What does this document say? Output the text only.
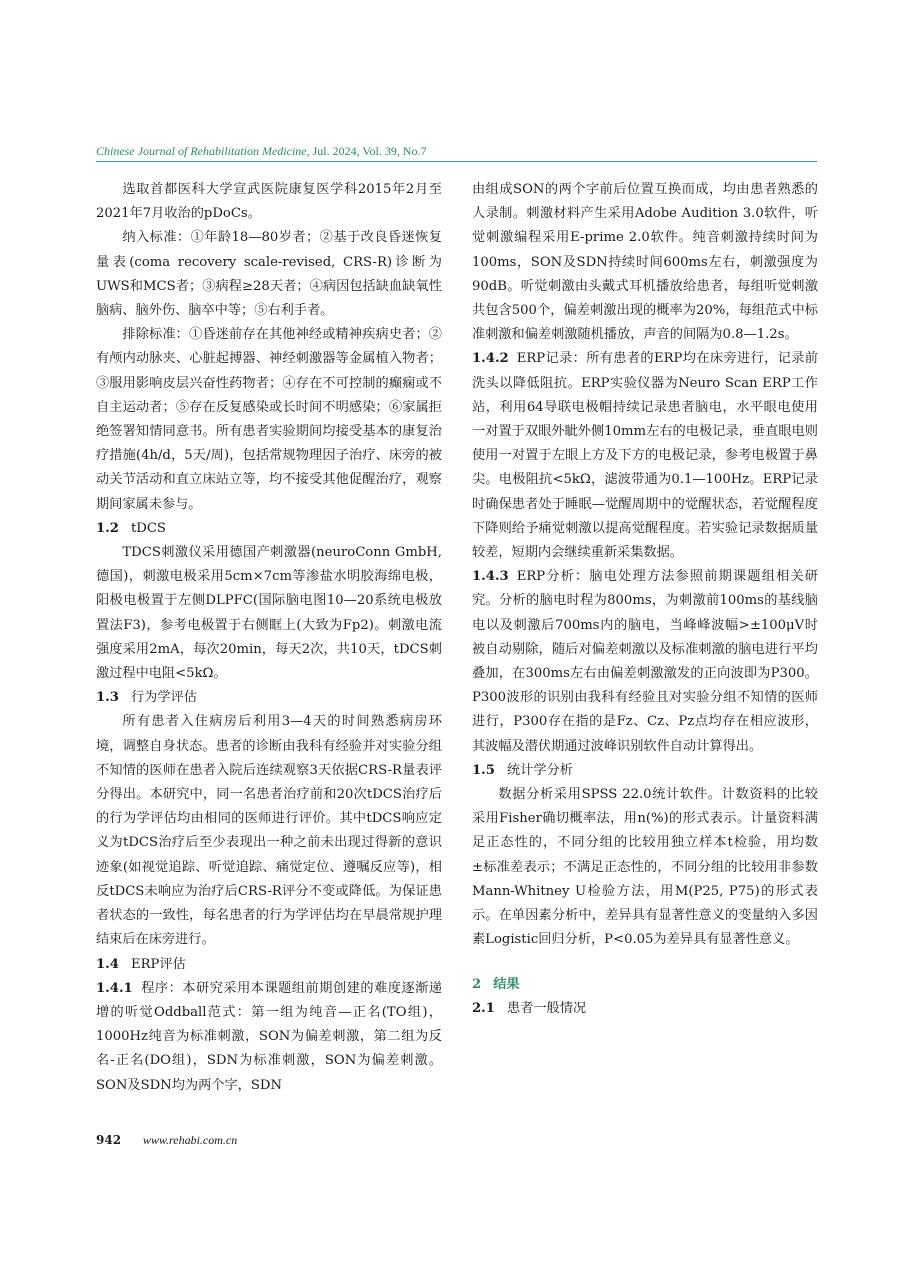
Chinese Journal of Rehabilitation Medicine, Jul. 2024, Vol. 39, No.7

选取首都医科大学宣武医院康复医学科2015年2月至2021年7月收治的pDoCs。

纳入标准：①年龄18—80岁者；②基于改良昏迷恢复量表(coma recovery scale-revised, CRS-R)诊断为UWS和MCS者；③病程≥28天者；④病因包括缺血缺氧性脑病、脑外伤、脑卒中等；⑤右利手者。

排除标准：①昏迷前存在其他神经或精神疾病史者；②有颅内动脉夹、心脏起搏器、神经刺激器等金属植入物者；③服用影响皮层兴奋性药物者；④存在不可控制的癫痫或不自主运动者；⑤存在反复感染或长时间不明感染；⑥家属拒绝签署知情同意书。所有患者实验期间均接受基本的康复治疗措施(4h/d，5天/周)，包括常规物理因子治疗、床旁的被动关节活动和直立床站立等，均不接受其他促醒治疗，观察期间家属未参与。

1.2 tDCS

TDCS刺激仪采用德国产刺激器(neuroConn GmbH, 德国)，刺激电极采用5cm×7cm等渗盐水明胶海绵电极，阳极电极置于左侧DLPFC(国际脑电图10—20系统电极放置法F3)，参考电极置于右侧眶上(大致为Fp2)。刺激电流强度采用2mA，每次20min，每天2次，共10天，tDCS刺激过程中电阻<5kΩ。

1.3 行为学评估

所有患者入住病房后利用3—4天的时间熟悉病房环境，调整自身状态。患者的诊断由我科有经验并对实验分组不知情的医师在患者入院后连续观察3天依据CRS-R量表评分得出。本研究中，同一名患者治疗前和20次tDCS治疗后的行为学评估均由相同的医师进行评价。其中tDCS响应定义为tDCS治疗后至少表现出一种之前未出现过得新的意识迹象(如视觉追踪、听觉追踪、痛觉定位、遵嘱反应等)，相反tDCS未响应为治疗后CRS-R评分不变或降低。为保证患者状态的一致性，每名患者的行为学评估均在早晨常规护理结束后在床旁进行。

1.4 ERP评估

1.4.1 程序：本研究采用本课题组前期创建的难度逐渐递增的听觉Oddball范式：第一组为纯音—正名(TO组)，1000Hz纯音为标准刺激，SON为偏差刺激，第二组为反名-正名(DO组)，SDN为标准刺激，SON为偏差刺激。SON及SDN均为两个字，SDN

由组成SON的两个字前后位置互换而成，均由患者熟悉的人录制。刺激材料产生采用Adobe Audition 3.0软件，听觉刺激编程采用E-prime 2.0软件。纯音刺激持续时间为100ms，SON及SDN持续时间600ms左右，刺激强度为90dB。听觉刺激由头戴式耳机播放给患者，每组听觉刺激共包含500个，偏差刺激出现的概率为20%，每组范式中标准刺激和偏差刺激随机播放，声音的间隔为0.8—1.2s。

1.4.2 ERP记录：所有患者的ERP均在床旁进行，记录前洗头以降低阻抗。ERP实验仪器为Neuro Scan ERP工作站，利用64导联电极帽持续记录患者脑电，水平眼电使用一对置于双眼外眦外侧10mm左右的电极记录，垂直眼电则使用一对置于左眼上方及下方的电极记录，参考电极置于鼻尖。电极阻抗<5kΩ，滤波带通为0.1—100Hz。ERP记录时确保患者处于睡眠—觉醒周期中的觉醒状态，若觉醒程度下降则给予痛觉刺激以提高觉醒程度。若实验记录数据质量较差，短期内会继续重新采集数据。

1.4.3 ERP分析：脑电处理方法参照前期课题组相关研究。分析的脑电时程为800ms，为刺激前100ms的基线脑电以及刺激后700ms内的脑电，当峰峰波幅>±100μV时被自动剔除，随后对偏差刺激以及标准刺激的脑电进行平均叠加，在300ms左右由偏差刺激激发的正向波即为P300。P300波形的识别由我科有经验且对实验分组不知情的医师进行，P300存在指的是Fz、Cz、Pz点均存在相应波形，其波幅及潜伏期通过波峰识别软件自动计算得出。

1.5 统计学分析

数据分析采用SPSS 22.0统计软件。计数资料的比较采用Fisher确切概率法，用n(%)的形式表示。计量资料满足正态性的，不同分组的比较用独立样本t检验，用均数±标准差表示；不满足正态性的，不同分组的比较用非参数Mann-Whitney U检验方法，用M(P25, P75)的形式表示。在单因素分析中，差异具有显著性意义的变量纳入多因素Logistic回归分析，P<0.05为差异具有显著性意义。

2 结果

2.1 患者一般情况

942 www.rehabi.com.cn
